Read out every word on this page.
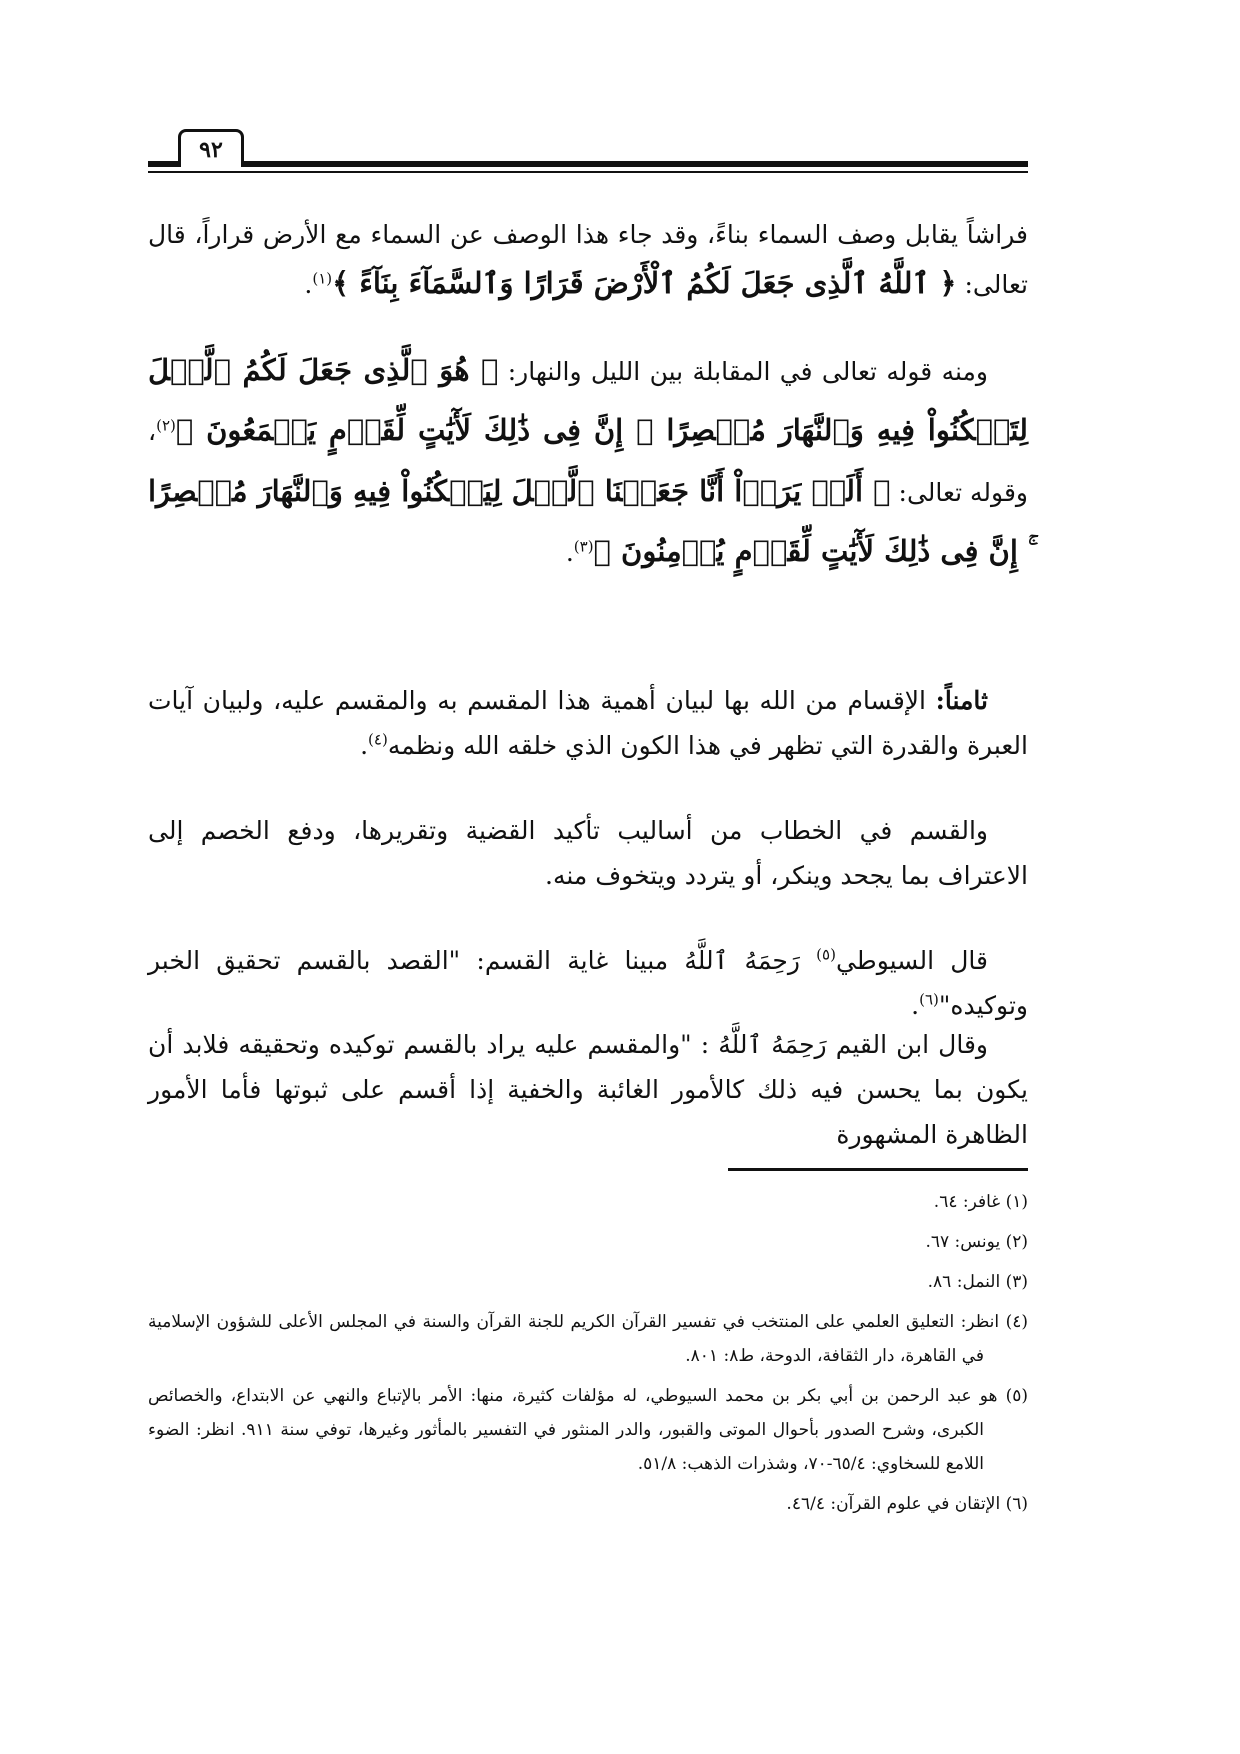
٩٢

فراشاً يقابل وصف السماء بناءً، وقد جاء هذا الوصف عن السماء مع الأرض قراراً، قال تعالى: ﴿ ٱللَّهُ ٱلَّذِى جَعَلَ لَكُمُ ٱلْأَرْضَ قَرَارًا وَٱلسَّمَآءَ بِنَآءً ﴾$^{(١)}$.

ومنه قوله تعالى في المقابلة بين الليل والنهار: ﴿ هُوَ ٱلَّذِى جَعَلَ لَكُمُ ٱلَّيۡلَ لِتَسۡكُنُواْ فِيهِ وَٱلنَّهَارَ مُبۡصِرًا ۚ إِنَّ فِى ذَٰلِكَ لَأٓيَٰتٍ لِّقَوۡمٍ يَسۡمَعُونَ ﴾$^{(٢)}$، وقوله تعالى: ﴿ أَلَمۡ يَرَوۡاْ أَنَّا جَعَلۡنَا ٱلَّيۡلَ لِيَسۡكُنُواْ فِيهِ وَٱلنَّهَارَ مُبۡصِرًا ۚ إِنَّ فِى ذَٰلِكَ لَأٓيَٰتٍ لِّقَوۡمٍ يُؤۡمِنُونَ ﴾$^{(٣)}$.

ثامناً: الإقسام من الله بها لبيان أهمية هذا المقسم به والمقسم عليه، ولبيان آيات العبرة والقدرة التي تظهر في هذا الكون الذي خلقه الله ونظمه$^{(٤)}$.

والقسم في الخطاب من أساليب تأكيد القضية وتقريرها، ودفع الخصم إلى الاعتراف بما يجحد وينكر، أو يتردد ويتخوف منه.

قال السيوطي$^{(٥)}$ رَحِمَهُ ٱللَّهُ مبينا غاية القسم: "القصد بالقسم تحقيق الخبر وتوكيده"$^{(٦)}$.

وقال ابن القيم رَحِمَهُ ٱللَّهُ : "والمقسم عليه يراد بالقسم توكيده وتحقيقه فلابد أن يكون بما يحسن فيه ذلك كالأمور الغائبة والخفية إذا أقسم على ثبوتها فأما الأمور الظاهرة المشهورة

(١) غافر: ٦٤.

(٢) يونس: ٦٧.

(٣) النمل: ٨٦.

(٤) انظر: التعليق العلمي على المنتخب في تفسير القرآن الكريم للجنة القرآن والسنة في المجلس الأعلى للشؤون الإسلامية في القاهرة، دار الثقافة، الدوحة، ط٨: ٨٠١.

(٥) هو عبد الرحمن بن أبي بكر بن محمد السيوطي، له مؤلفات كثيرة، منها: الأمر بالإتباع والنهي عن الابتداع، والخصائص الكبرى، وشرح الصدور بأحوال الموتى والقبور، والدر المنثور في التفسير بالمأثور وغيرها، توفي سنة ٩١١. انظر: الضوء اللامع للسخاوي: ٦٥/٤-٧٠، وشذرات الذهب: ٥١/٨.

(٦) الإتقان في علوم القرآن: ٤٦/٤.
